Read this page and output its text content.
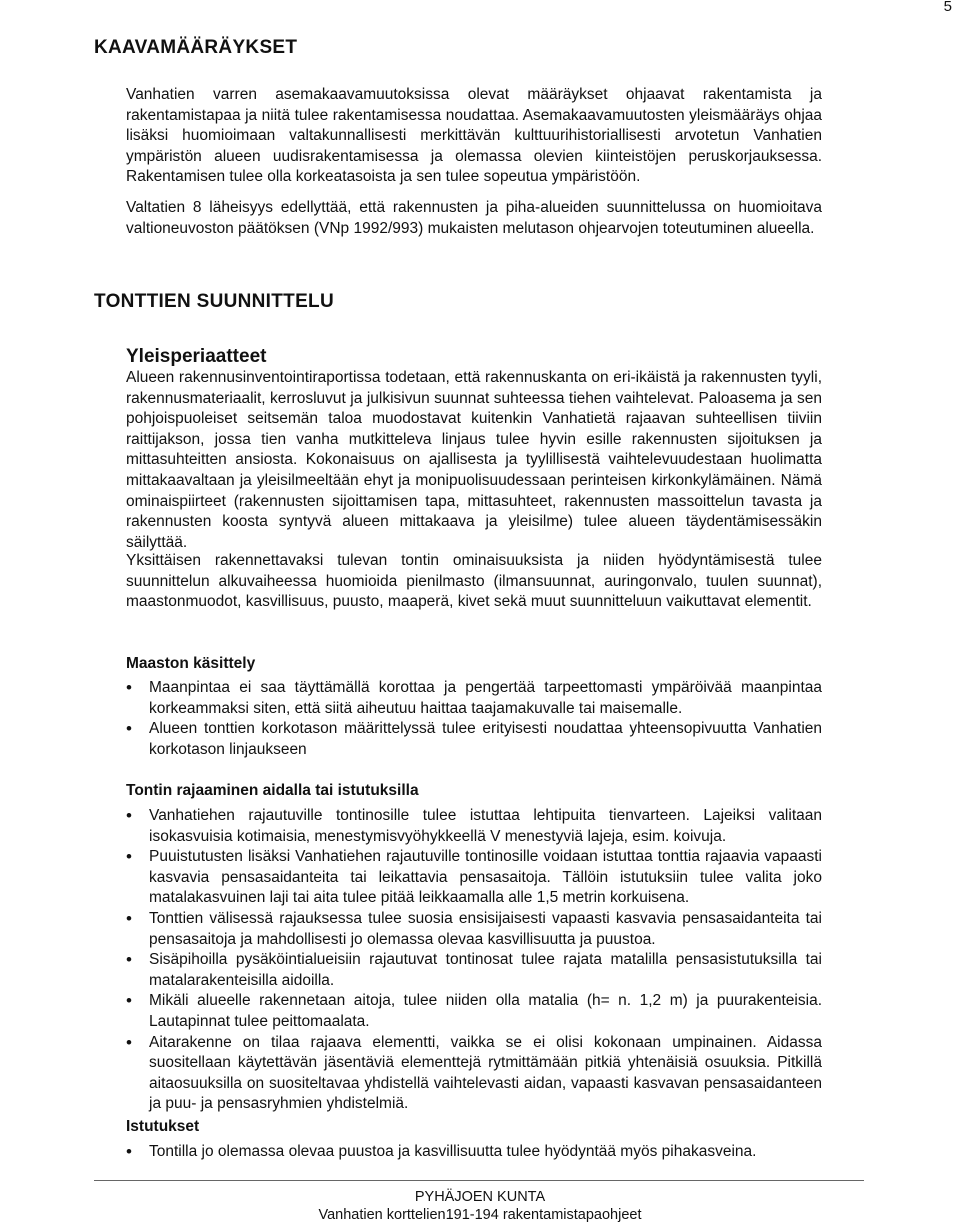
5
KAAVAMÄÄRÄYKSET
Vanhatien varren asemakaavamuutoksissa olevat määräykset ohjaavat rakentamista ja rakentamistapaa ja niitä tulee rakentamisessa noudattaa. Asemakaavamuutosten yleismääräys ohjaa lisäksi huomioimaan valtakunnallisesti merkittävän kulttuurihistoriallisesti arvotetun Vanhatien ympäristön alueen uudisrakentamisessa ja olemassa olevien kiinteistöjen peruskorjauksessa. Rakentamisen tulee olla korkeatasoista ja sen tulee sopeutua ympäristöön.
Valtatien 8 läheisyys edellyttää, että rakennusten ja piha-alueiden suunnittelussa on huomioitava valtioneuvoston päätöksen (VNp 1992/993) mukaisten melutason ohjearvojen toteutuminen alueella.
TONTTIEN SUUNNITTELU
Yleisperiaatteet
Alueen rakennusinventointiraportissa todetaan, että rakennuskanta on eri-ikäistä ja rakennusten tyyli, rakennusmateriaalit, kerrosluvut ja julkisivun suunnat suhteessa tiehen vaihtelevat. Paloasema ja sen pohjoispuoleiset seitsemän taloa muodostavat kuitenkin Vanhatietä rajaavan suhteellisen tiiviin raittijakson, jossa tien vanha mutkitteleva linjaus tulee hyvin esille rakennusten sijoituksen ja mittasuhteitten ansiosta. Kokonaisuus on ajallisesta ja tyylillisestä vaihtelevuudestaan huolimatta mittakaavaltaan ja yleisilmeeltään ehyt ja monipuolisuudessaan perinteisen kirkonkylämäinen. Nämä ominaispiirteet (rakennusten sijoittamisen tapa, mittasuhteet, rakennusten massoittelun tavasta ja rakennusten koosta syntyvä alueen mittakaava ja yleisilme) tulee alueen täydentämisessäkin säilyttää.
Yksittäisen rakennettavaksi tulevan tontin ominaisuuksista ja niiden hyödyntämisestä tulee suunnittelun alkuvaiheessa huomioida pienilmasto (ilmansuunnat, auringonvalo, tuulen suunnat), maastonmuodot, kasvillisuus, puusto, maaperä, kivet sekä muut suunnitteluun vaikuttavat elementit.
Maaston käsittely
• Maanpintaa ei saa täyttämällä korottaa ja pengertää tarpeettomasti ympäröivää maanpintaa korkeammaksi siten, että siitä aiheutuu haittaa taajamakuvalle tai maisemalle.
• Alueen tonttien korkotason määrittelyssä tulee erityisesti noudattaa yhteensopivuutta Vanhatien korkotason linjaukseen
Tontin rajaaminen aidalla tai istutuksilla
• Vanhatiehen rajautuville tontinosille tulee istuttaa lehtipuita tienvarteen. Lajeiksi valitaan isokasvuisia kotimaisia, menestymisvyöhykkeellä V menestyviä lajeja, esim. koivuja.
• Puuistutusten lisäksi Vanhatiehen rajautuville tontinosille voidaan istuttaa tonttia rajaavia vapaasti kasvavia pensasaidanteita tai leikattavia pensasaitoja. Tällöin istutuksiin tulee valita joko matalakasvuinen laji tai aita tulee pitää leikkaamalla alle 1,5 metrin korkuisena.
• Tonttien välisessä rajauksessa tulee suosia ensisijaisesti vapaasti kasvavia pensasaidanteita tai pensasaitoja ja mahdollisesti jo olemassa olevaa kasvillisuutta ja puustoa.
• Sisäpihoilla pysäköintialueisiin rajautuvat tontinosat tulee rajata matalilla pensasistutuksilla tai matalarakenteisilla aidoilla.
• Mikäli alueelle rakennetaan aitoja, tulee niiden olla matalia (h= n. 1,2 m) ja puurakenteisia. Lautapinnat tulee peittomaalata.
• Aitarakenne on tilaa rajaava elementti, vaikka se ei olisi kokonaan umpinainen. Aidassa suositellaan käytettävän jäsentäviä elementtejä rytmittämään pitkiä yhtenäisiä osuuksia. Pitkillä aitaosuuksilla on suositeltavaa yhdistellä vaihtelevasti aidan, vapaasti kasvavan pensasaidanteen ja puu- ja pensasryhmien yhdistelmiä.
Istutukset
• Tontilla jo olemassa olevaa puustoa ja kasvillisuutta tulee hyödyntää myös pihakasveina.
PYHÄJOEN KUNTA
Vanhatien korttelien191-194 rakentamistapaohjeet
